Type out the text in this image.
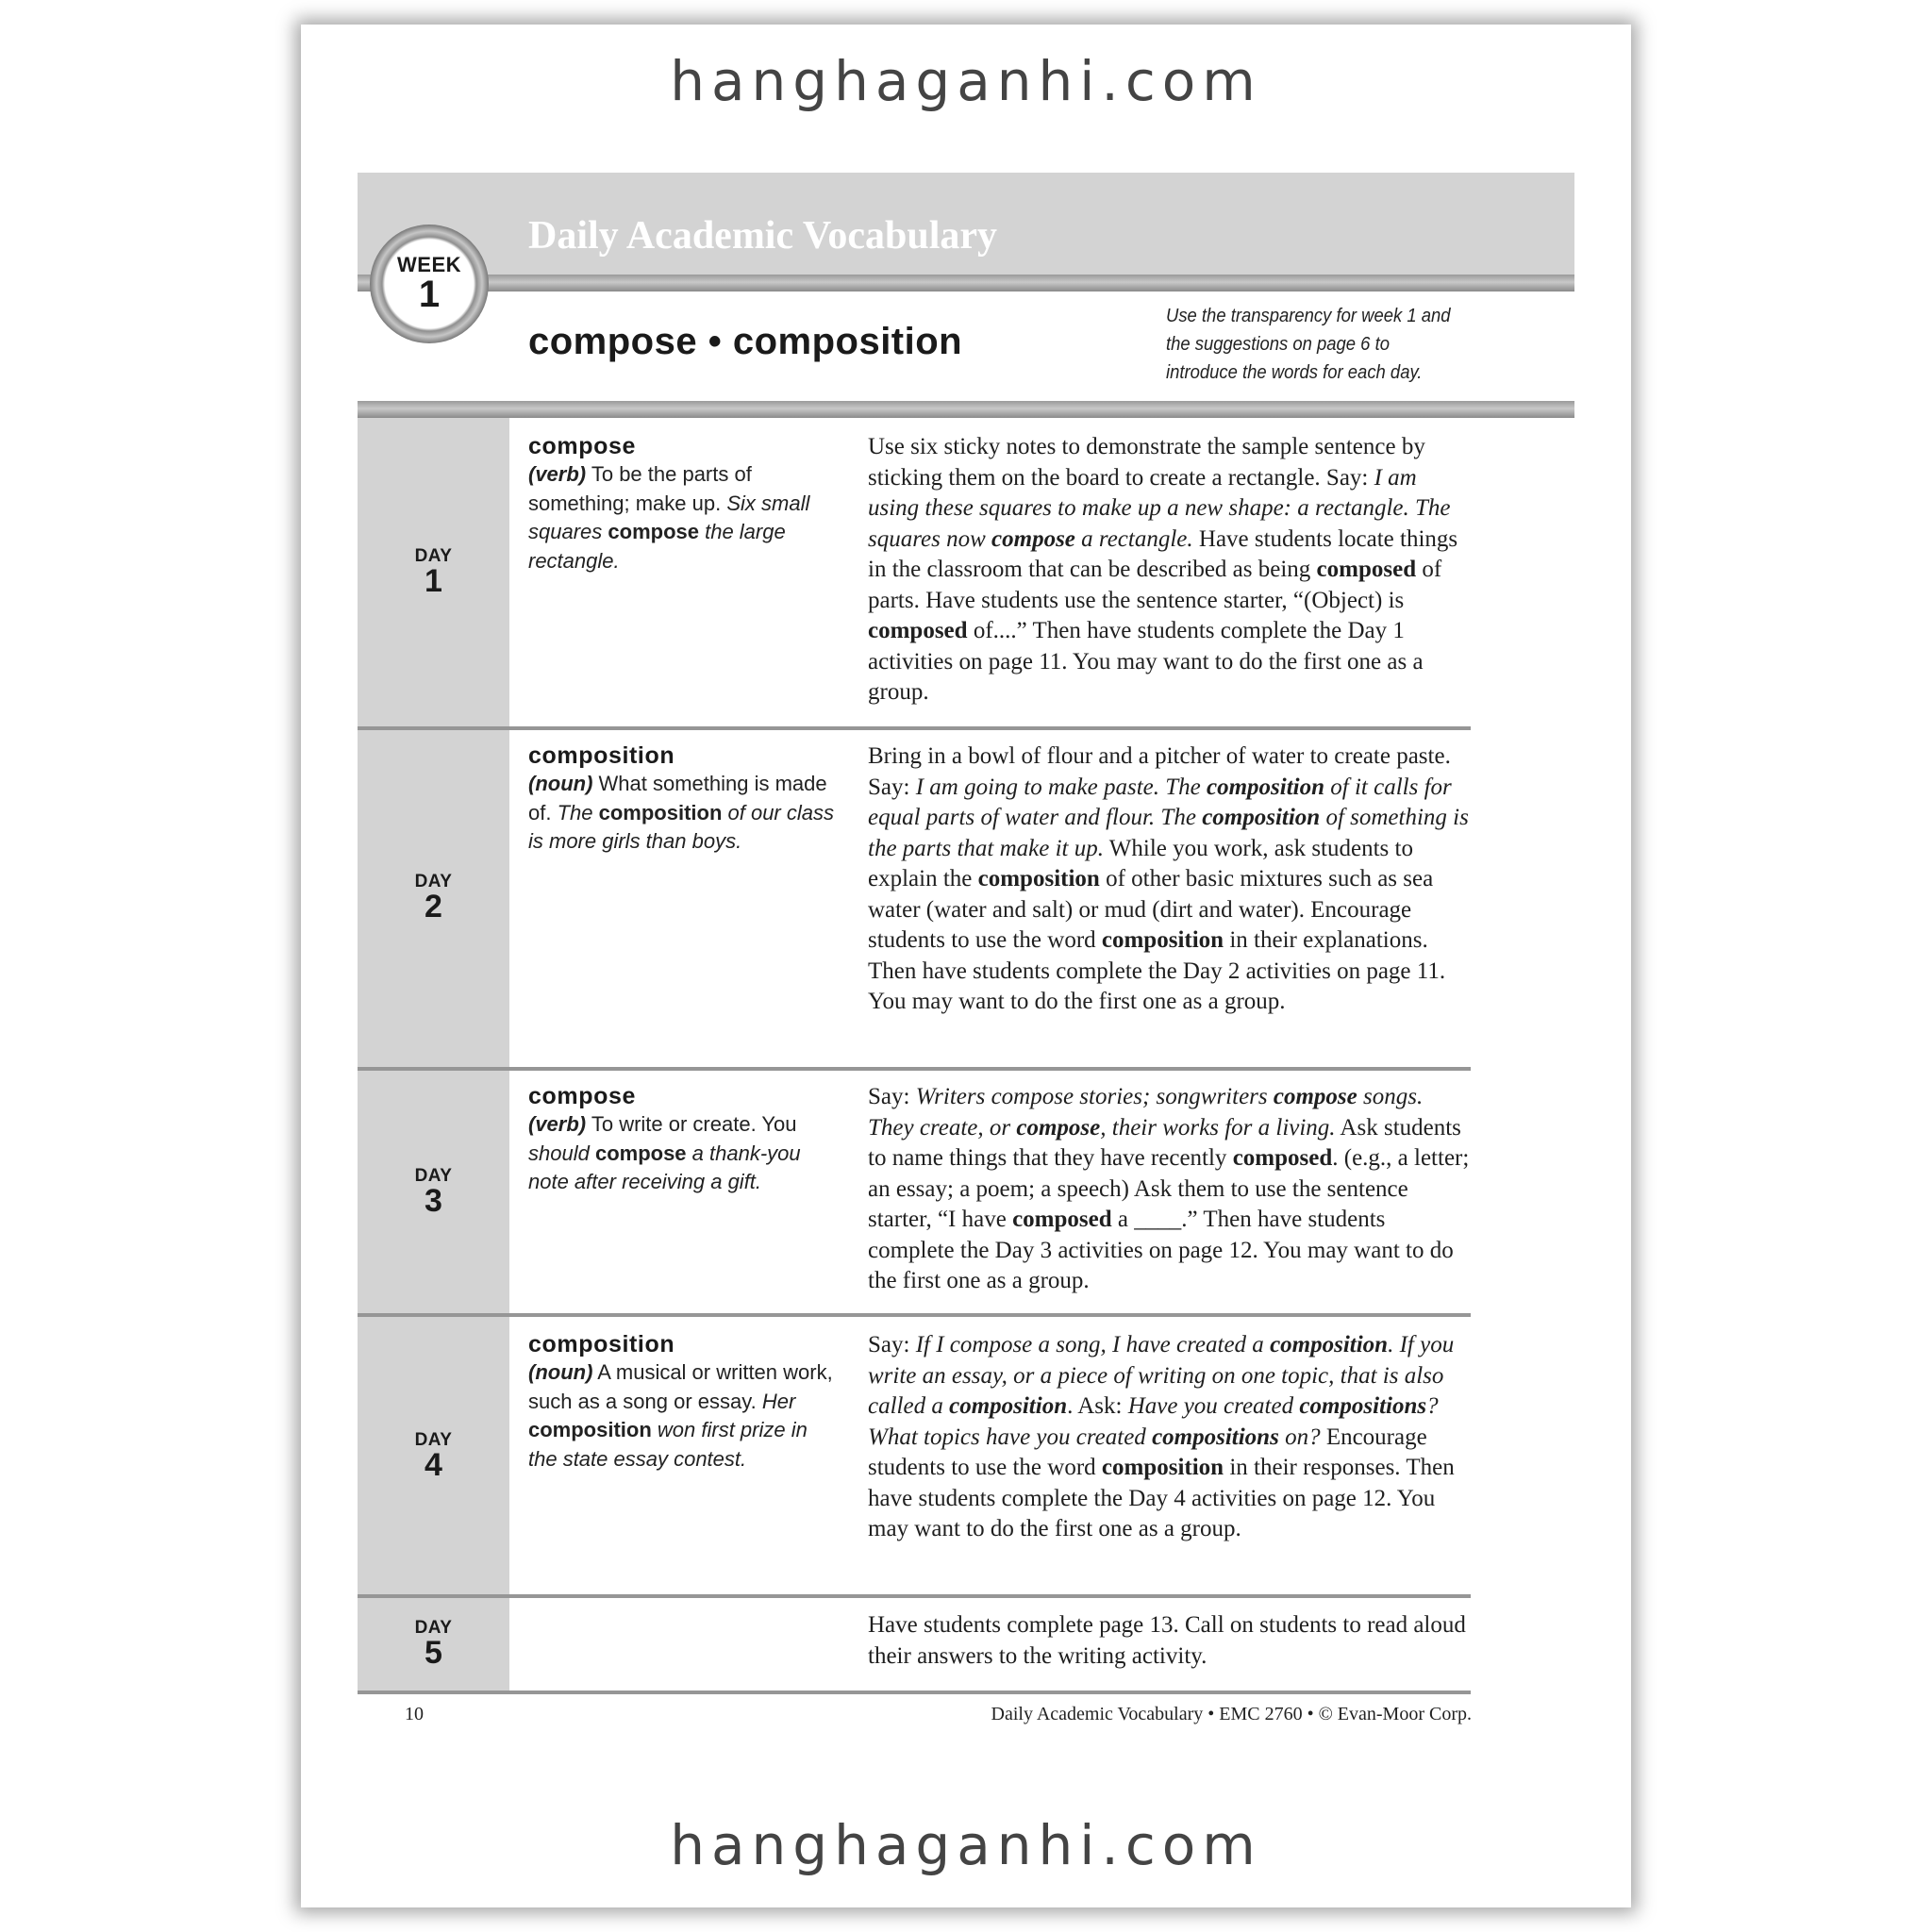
hanghaganhi.com
Daily Academic Vocabulary
WEEK
1
compose • composition
Use the transparency for week 1 and the suggestions on page 6 to introduce the words for each day.
DAY
1
compose
(verb) To be the parts of something; make up. Six small squares compose the large rectangle.
Use six sticky notes to demonstrate the sample sentence by sticking them on the board to create a rectangle. Say: I am using these squares to make up a new shape: a rectangle. The squares now compose a rectangle. Have students locate things in the classroom that can be described as being composed of parts. Have students use the sentence starter, “(Object) is composed of....” Then have students complete the Day 1 activities on page 11. You may want to do the first one as a group.
DAY
2
composition
(noun) What something is made of. The composition of our class is more girls than boys.
Bring in a bowl of flour and a pitcher of water to create paste. Say: I am going to make paste. The composition of it calls for equal parts of water and flour. The composition of something is the parts that make it up. While you work, ask students to explain the composition of other basic mixtures such as sea water (water and salt) or mud (dirt and water). Encourage students to use the word composition in their explanations. Then have students complete the Day 2 activities on page 11. You may want to do the first one as a group.
DAY
3
compose
(verb) To write or create. You should compose a thank-you note after receiving a gift.
Say: Writers compose stories; songwriters compose songs. They create, or compose, their works for a living. Ask students to name things that they have recently composed. (e.g., a letter; an essay; a poem; a speech) Ask them to use the sentence starter, “I have composed a ____.” Then have students complete the Day 3 activities on page 12. You may want to do the first one as a group.
DAY
4
composition
(noun) A musical or written work, such as a song or essay. Her composition won first prize in the state essay contest.
Say: If I compose a song, I have created a composition. If you write an essay, or a piece of writing on one topic, that is also called a composition. Ask: Have you created compositions? What topics have you created compositions on? Encourage students to use the word composition in their responses. Then have students complete the Day 4 activities on page 12. You may want to do the first one as a group.
DAY
5
Have students complete page 13. Call on students to read aloud their answers to the writing activity.
10	Daily Academic Vocabulary • EMC 2760 • © Evan-Moor Corp.
hanghaganhi.com
